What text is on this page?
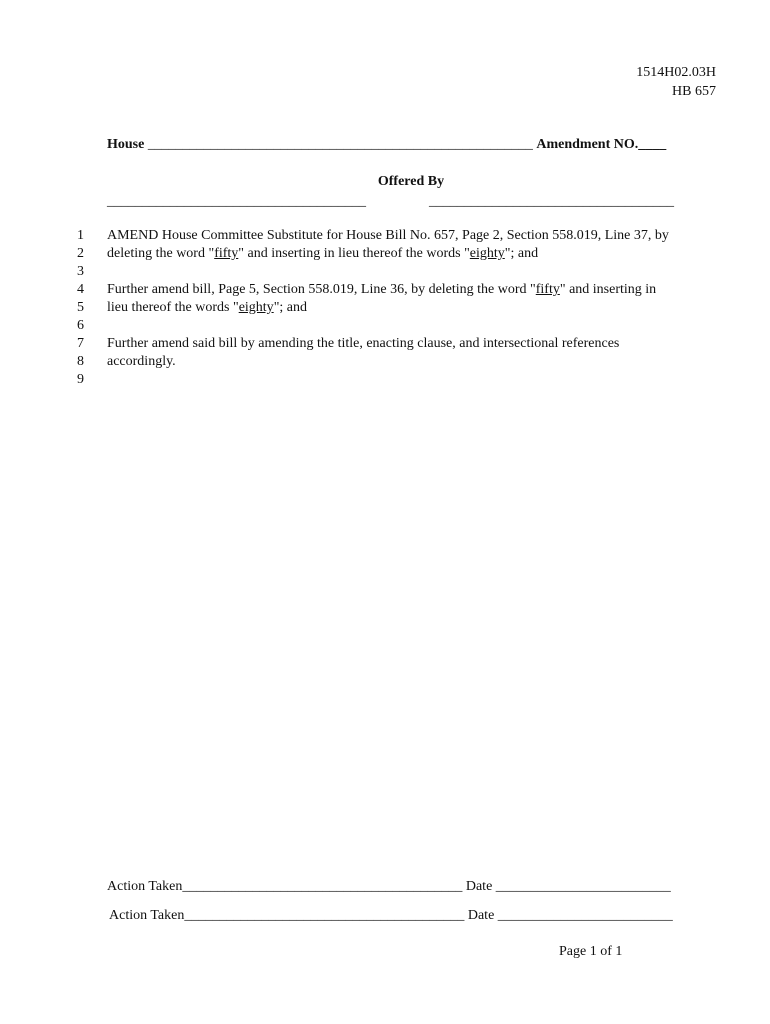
1514H02.03H
HB 657
House _______________________________________________________ Amendment NO.____
Offered By
_____________________________________	___________________________________
1
2
3
4
5
6
7
8
9
AMEND House Committee Substitute for House Bill No. 657, Page 2, Section 558.019, Line 37, by
deleting the word "fifty" and inserting in lieu thereof the words "eighty"; and
Further amend bill, Page 5, Section 558.019, Line 36, by deleting the word "fifty" and inserting in
lieu thereof the words "eighty"; and
Further amend said bill by amending the title, enacting clause, and intersectional references
accordingly.
Action Taken________________________________________ Date _________________________
Action Taken________________________________________ Date _________________________
Page 1 of 1
